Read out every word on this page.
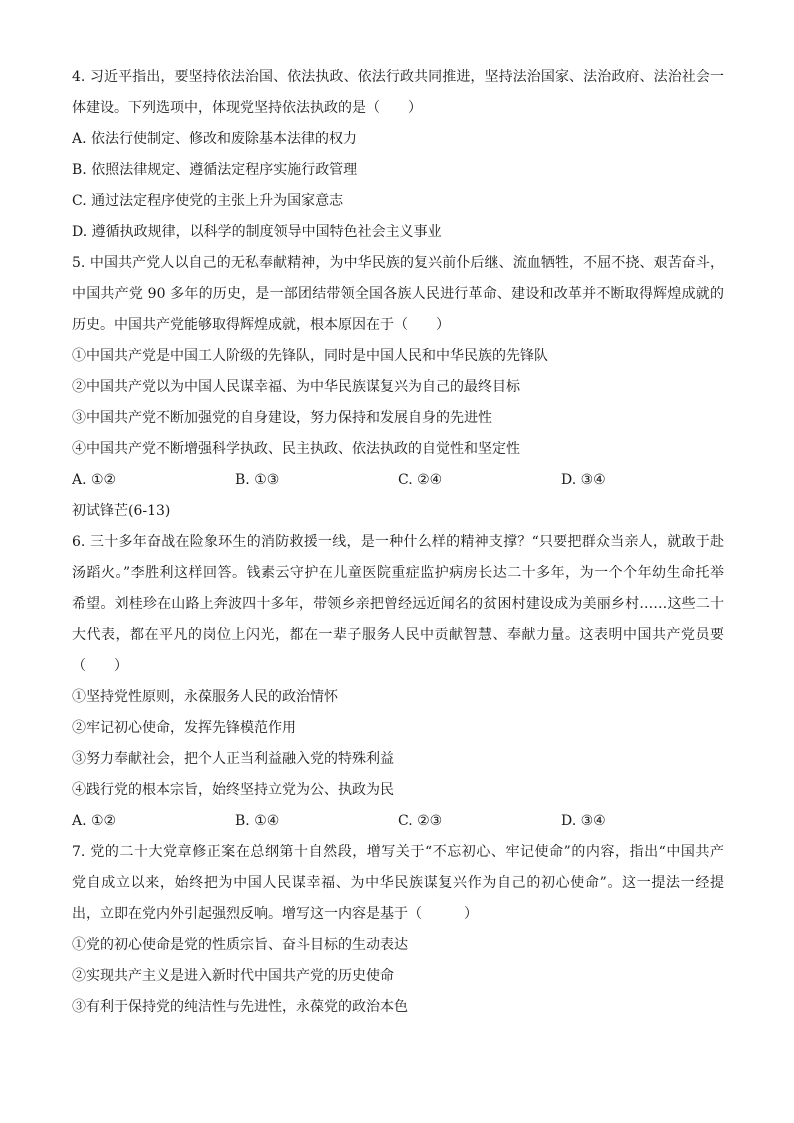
4. 习近平指出，要坚持依法治国、依法执政、依法行政共同推进，坚持法治国家、法治政府、法治社会一
体建设。下列选项中，体现党坚持依法执政的是（　　）
A. 依法行使制定、修改和废除基本法律的权力
B. 依照法律规定、遵循法定程序实施行政管理
C. 通过法定程序使党的主张上升为国家意志
D. 遵循执政规律，以科学的制度领导中国特色社会主义事业
5. 中国共产党人以自己的无私奉献精神，为中华民族的复兴前仆后继、流血牺牲，不屈不挠、艰苦奋斗，
中国共产党 90 多年的历史，是一部团结带领全国各族人民进行革命、建设和改革并不断取得辉煌成就的
历史。中国共产党能够取得辉煌成就，根本原因在于（　　）
①中国共产党是中国工人阶级的先锋队，同时是中国人民和中华民族的先锋队
②中国共产党以为中国人民谋幸福、为中华民族谋复兴为自己的最终目标
③中国共产党不断加强党的自身建设，努力保持和发展自身的先进性
④中国共产党不断增强科学执政、民主执政、依法执政的自觉性和坚定性
A. ①②	B. ①③	C. ②④	D. ③④
初试锋芒(6-13)
6. 三十多年奋战在险象环生的消防救援一线，是一种什么样的精神支撑？“只要把群众当亲人，就敢于赴
汤蹈火。”李胜利这样回答。钱素云守护在儿童医院重症监护病房长达二十多年，为一个个年幼生命托举
希望。刘桂珍在山路上奔波四十多年，带领乡亲把曾经远近闻名的贫困村建设成为美丽乡村……这些二十
大代表，都在平凡的岗位上闪光，都在一辈子服务人民中贡献智慧、奉献力量。这表明中国共产党员要
（　　）
①坚持党性原则，永葆服务人民的政治情怀
②牢记初心使命，发挥先锋模范作用
③努力奉献社会，把个人正当利益融入党的特殊利益
④践行党的根本宗旨，始终坚持立党为公、执政为民
A. ①②	B. ①④	C. ②③	D. ③④
7. 党的二十大党章修正案在总纲第十自然段，增写关于“不忘初心、牢记使命”的内容，指出“中国共产
党自成立以来，始终把为中国人民谋幸福、为中华民族谋复兴作为自己的初心使命”。这一提法一经提
出，立即在党内外引起强烈反响。增写这一内容是基于（　　　）
①党的初心使命是党的性质宗旨、奋斗目标的生动表达
②实现共产主义是进入新时代中国共产党的历史使命
③有利于保持党的纯洁性与先进性，永葆党的政治本色
